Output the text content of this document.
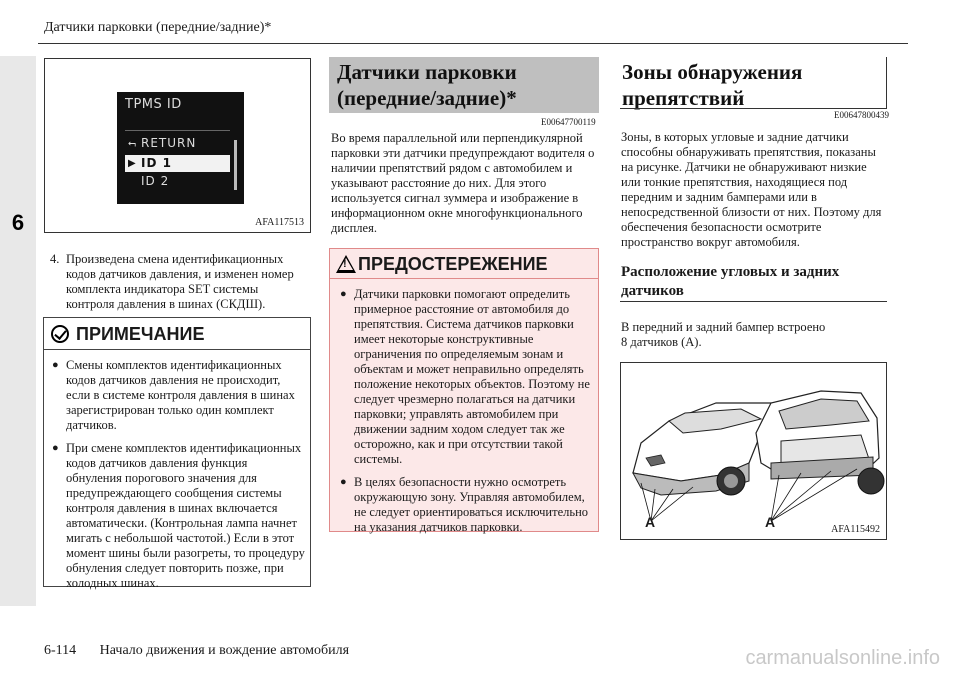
Датчики парковки (передние/задние)*
6
TPMS ID
⮢ RETURN
▶ ID 1
ID 2
AFA117513
4. Произведена смена идентификационных
кодов датчиков давления, и изменен номер
комплекта индикатора SET системы
контроля давления в шинах (СКДШ).
ПРИМЕЧАНИЕ
● Смены комплектов идентификационных кодов датчиков давления не происходит, если в системе контроля давления в шинах зарегистрирован только один комплект датчиков.
● При смене комплектов идентификационных кодов датчиков давления функция обнуления порогового значения для предупреждающего сообщения системы контроля давления в шинах включается автоматически. (Контрольная лампа начнет мигать с небольшой частотой.) Если в этот момент шины были разогреты, то процедуру обнуления следует повторить позже, при холодных шинах.
Датчики парковки
(передние/задние)*
E00647700119
Во время параллельной или перпендикулярной парковки эти датчики предупреждают водителя о наличии препятствий рядом с автомобилем и указывают расстояние до них. Для этого используется сигнал зуммера и изображение в информационном окне многофункционального дисплея.
! ПРЕДОСТЕРЕЖЕНИЕ
● Датчики парковки помогают определить примерное расстояние от автомобиля до препятствия. Система датчиков парковки имеет некоторые конструктивные ограничения по определяемым зонам и объектам и может неправильно определять положение некоторых объектов. Поэтому не следует чрезмерно полагаться на датчики парковки; управлять автомобилем при движении задним ходом следует так же осторожно, как и при отсутствии такой системы.
● В целях безопасности нужно осмотреть окружающую зону. Управляя автомобилем, не следует ориентироваться исключительно на указания датчиков парковки.
Зоны обнаружения
препятствий
E00647800439
Зоны, в которых угловые и задние датчики способны обнаруживать препятствия, показаны на рисунке. Датчики не обнаруживают низкие или тонкие препятствия, находящиеся под передним и задним бамперами или в непосредственной близости от них. Поэтому для обеспечения безопасности осмотрите пространство вокруг автомобиля.
Расположение угловых и задних
датчиков
В передний и задний бампер встроено
8 датчиков (A).
A	A	AFA115492
6-114 Начало движения и вождение автомобиля	carmanualsonline.info
